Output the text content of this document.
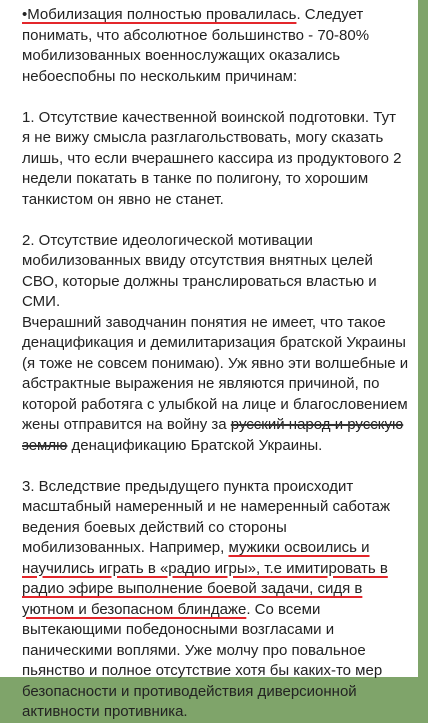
•Мобилизация полностью провалилась. Следует
понимать, что абсолютное большинство - 70-80%
мобилизованных военнослужащих оказались
небоеспобны по нескольким причинам:
1. Отсутствие качественной воинской подготовки. Тут
я не вижу смысла разглагольствовать, могу сказать
лишь, что если вчерашнего кассира из продуктового 2
недели покатать в танке по полигону, то хорошим
танкистом он явно не станет.
2. Отсутствие идеологической мотивации
мобилизованных ввиду отсутствия внятных целей
СВО, которые должны транслироваться властью и
СМИ.
Вчерашний заводчанин понятия не имеет, что такое
денацификация и демилитаризация братской Украины
(я тоже не совсем понимаю). Уж явно эти волшебные и
абстрактные выражения не являются причиной, по
которой работяга с улыбкой на лице и благословением
жены отправится на войну за русский народ и русскую
землю денацификацию Братской Украины.
3. Вследствие предыдущего пункта происходит
масштабный намеренный и не намеренный саботаж
ведения боевых действий со стороны
мобилизованных. Например, мужики освоились и
научились играть в «радио игры», т.е имитировать в
радио эфире выполнение боевой задачи, сидя в
уютном и безопасном блиндаже. Со всеми
вытекающими победоносными возгласами и
паническими воплями. Уже молчу про повальное
пьянство и полное отсутствие хотя бы каких-то мер
безопасности и противодействия диверсионной
активности противника.
